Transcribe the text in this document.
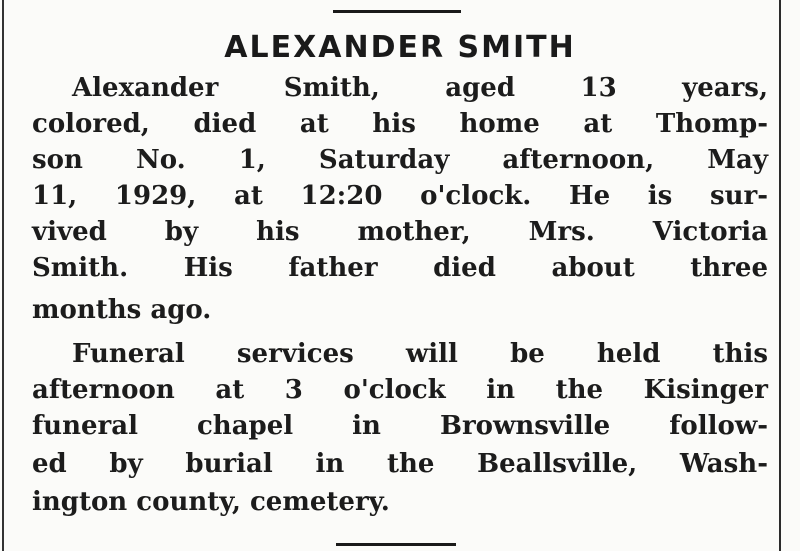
ALEXANDER SMITH
Alexander Smith, aged 13 years,
colored, died at his home at Thomp-
son No. 1, Saturday afternoon, May
11, 1929, at 12:20 o'clock. He is sur-
vived by his mother, Mrs. Victoria
Smith. His father died about three
months ago.
Funeral services will be held this
afternoon at 3 o'clock in the Kisinger
funeral chapel in Brownsville follow-
ed by burial in the Beallsville, Wash-
ington county, cemetery.
